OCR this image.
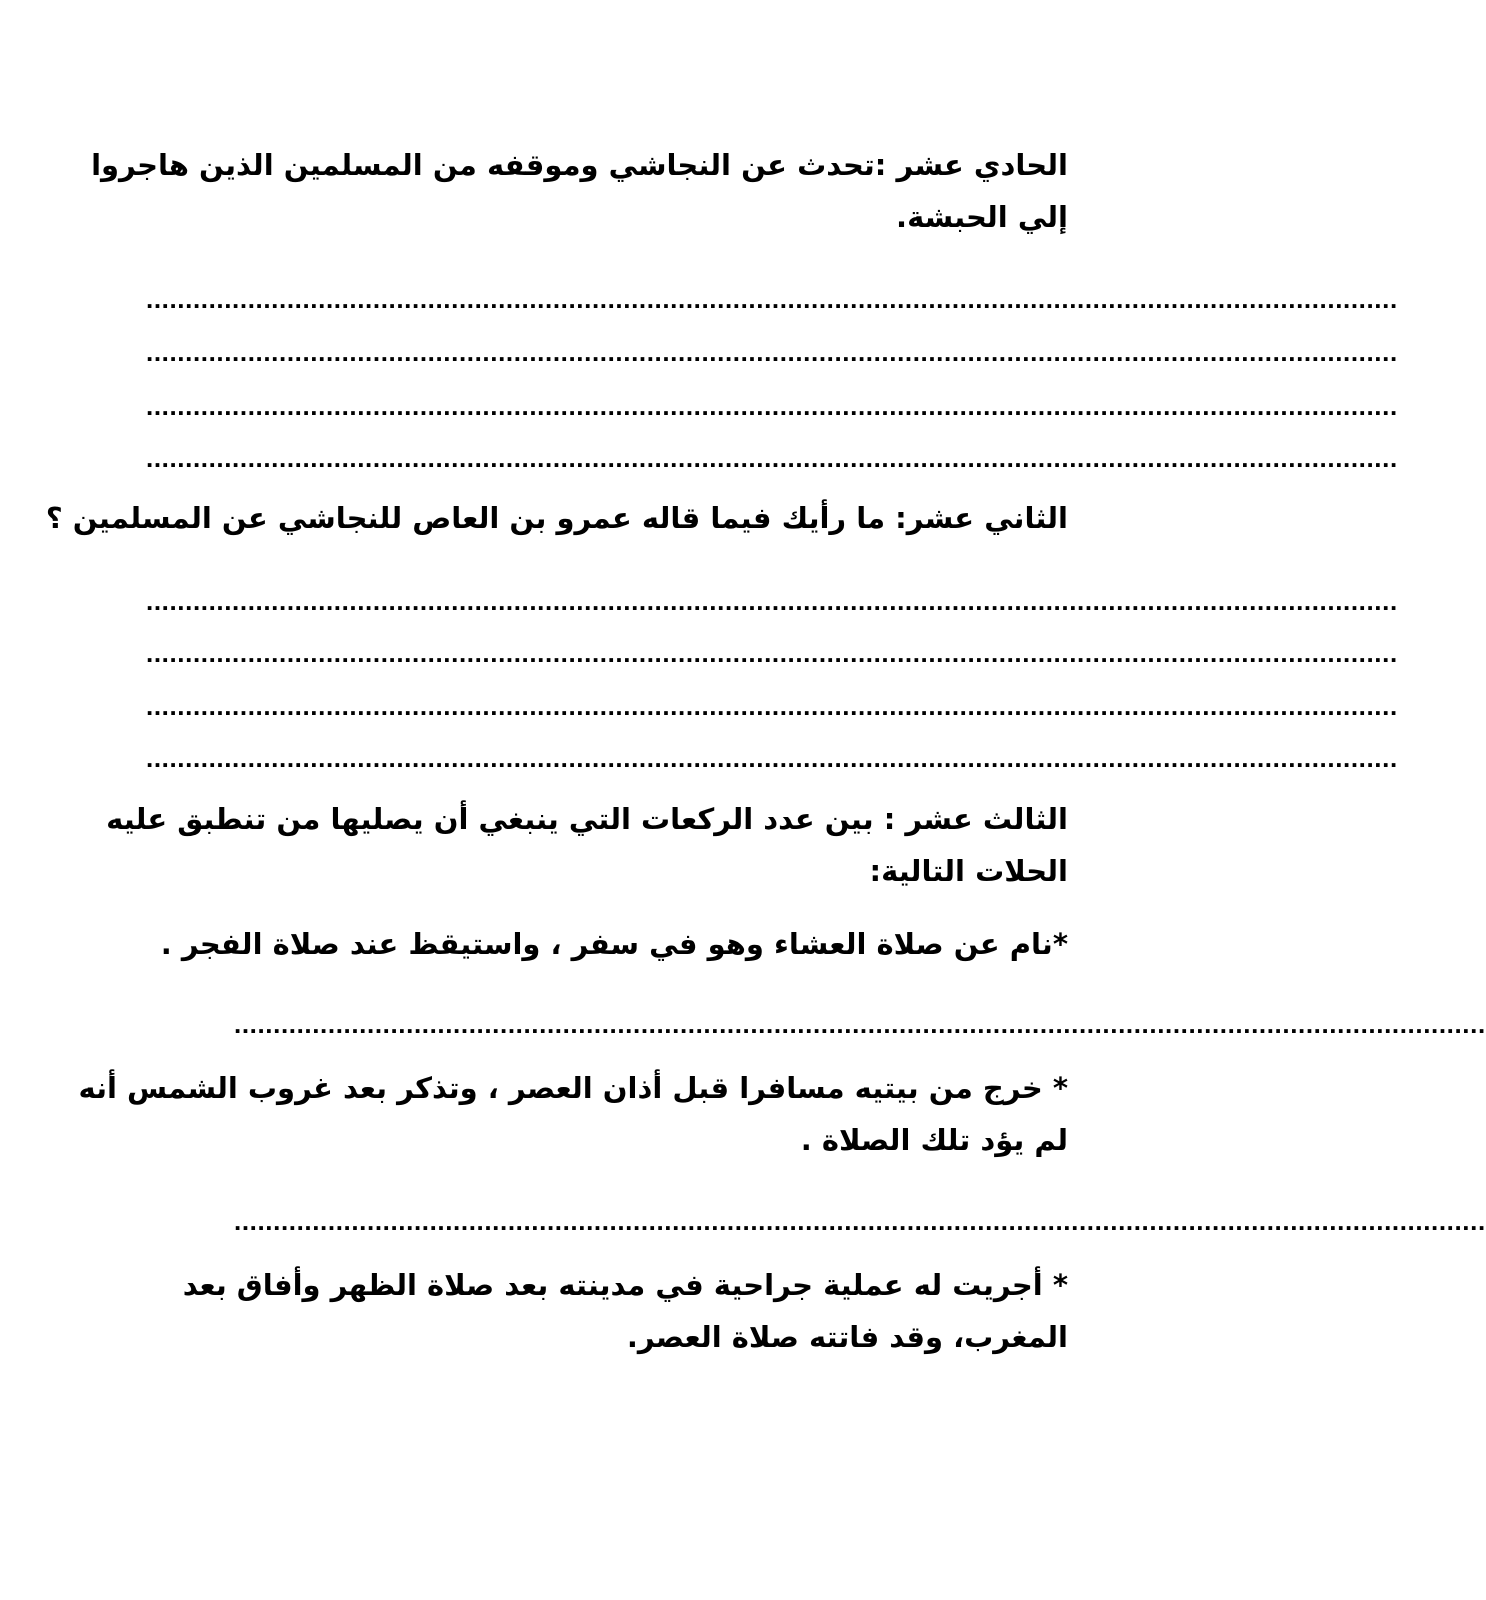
الحادي عشر :تحدث عن النجاشي وموقفه من المسلمين الذين هاجروا
إلي الحبشة.
................................................................................................................................................................
................................................................................................................................................................
................................................................................................................................................................
................................................................................................................................................................
الثاني عشر: ما رأيك فيما قاله عمرو بن العاص للنجاشي عن المسلمين ؟
................................................................................................................................................................
................................................................................................................................................................
................................................................................................................................................................
................................................................................................................................................................
الثالث عشر : بين عدد الركعات التي ينبغي أن يصليها من تنطبق عليه
الحلات التالية:
*نام عن صلاة العشاء وهو في سفر ، واستيقظ عند صلاة الفجر .
................................................................................................................................................................
* خرج من بيتيه مسافرا قبل أذان العصر ، وتذكر بعد غروب الشمس أنه
لم يؤد تلك الصلاة .
................................................................................................................................................................
* أجريت له عملية جراحية في مدينته بعد صلاة الظهر وأفاق بعد
المغرب، وقد فاتته صلاة العصر.
